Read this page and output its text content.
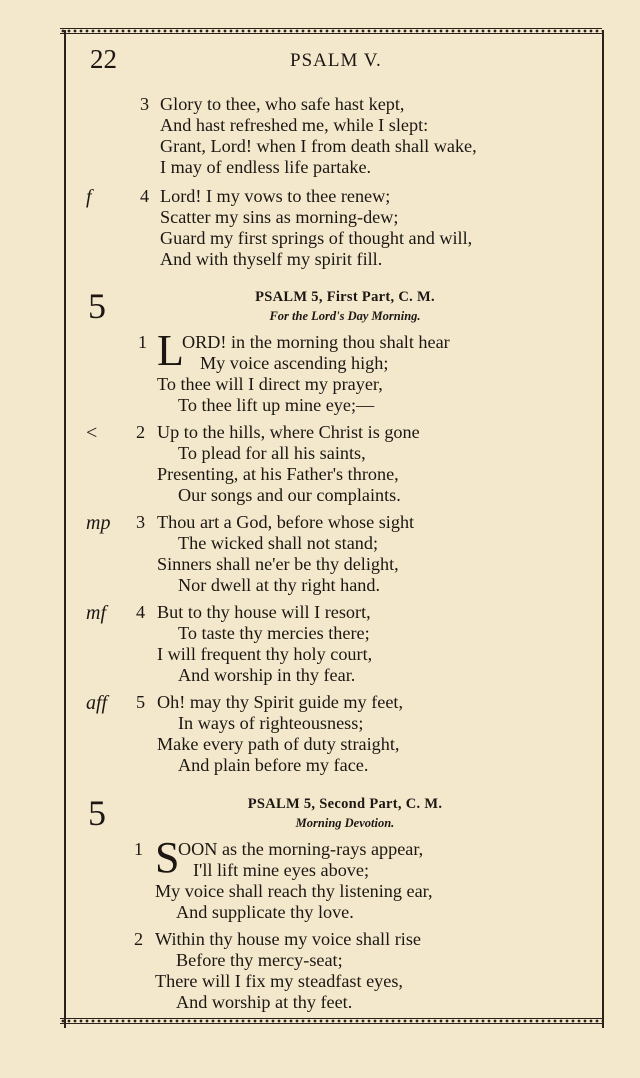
22	PSALM V.
3 Glory to thee, who safe hast kept,
And hast refreshed me, while I slept:
Grant, Lord! when I from death shall wake,
I may of endless life partake.
f	4 Lord! I my vows to thee renew;
Scatter my sins as morning-dew;
Guard my first springs of thought and will,
And with thyself my spirit fill.
5	PSALM 5, First Part, C. M.
For the Lord's Day Morning.
1 L
ORD! in the morning thou shalt hear
My voice ascending high;
To thee will I direct my prayer,
To thee lift up mine eye;—
< 2 Up to the hills, where Christ is gone
To plead for all his saints,
Presenting, at his Father's throne,
Our songs and our complaints.
mp 3 Thou art a God, before whose sight
The wicked shall not stand;
Sinners shall ne'er be thy delight,
Nor dwell at thy right hand.
mf 4 But to thy house will I resort,
To taste thy mercies there;
I will frequent thy holy court,
And worship in thy fear.
aff 5 Oh! may thy Spirit guide my feet,
In ways of righteousness;
Make every path of duty straight,
And plain before my face.
5	PSALM 5, Second Part, C. M.
Morning Devotion.
1 S
OON as the morning-rays appear,
I'll lift mine eyes above;
My voice shall reach thy listening ear,
And supplicate thy love.
2 Within thy house my voice shall rise
Before thy mercy-seat;
There will I fix my steadfast eyes,
And worship at thy feet.
